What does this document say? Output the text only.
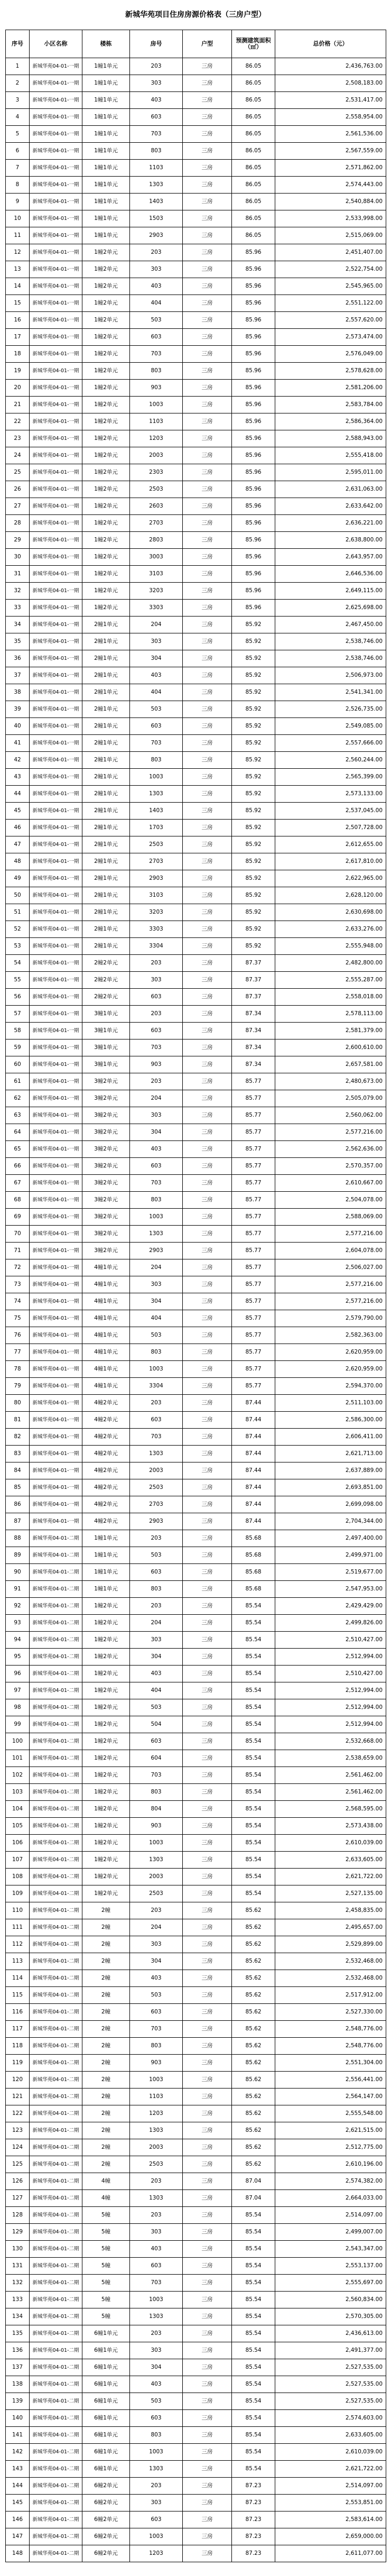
新城华苑项目住房房源价格表（三房户型）
序号	小区名称	楼栋	房号	户型	预测建筑面积（㎡）	总价格（元）
1	新城华苑04-01-一期	1幢1单元	203	三房	86.05	2,436,763.00
2	新城华苑04-01-一期	1幢1单元	303	三房	86.05	2,508,183.00
3	新城华苑04-01-一期	1幢1单元	403	三房	86.05	2,531,417.00
4	新城华苑04-01-一期	1幢1单元	603	三房	86.05	2,558,954.00
5	新城华苑04-01-一期	1幢1单元	703	三房	86.05	2,561,536.00
6	新城华苑04-01-一期	1幢1单元	803	三房	86.05	2,567,559.00
7	新城华苑04-01-一期	1幢1单元	1103	三房	86.05	2,571,862.00
8	新城华苑04-01-一期	1幢1单元	1303	三房	86.05	2,574,443.00
9	新城华苑04-01-一期	1幢1单元	1403	三房	86.05	2,540,884.00
10	新城华苑04-01-一期	1幢1单元	1503	三房	86.05	2,533,998.00
11	新城华苑04-01-一期	1幢1单元	2903	三房	86.05	2,515,069.00
12	新城华苑04-01-一期	1幢2单元	203	三房	85.96	2,451,407.00
13	新城华苑04-01-一期	1幢2单元	303	三房	85.96	2,522,754.00
14	新城华苑04-01-一期	1幢2单元	403	三房	85.96	2,545,965.00
15	新城华苑04-01-一期	1幢2单元	404	三房	85.96	2,551,122.00
16	新城华苑04-01-一期	1幢2单元	503	三房	85.96	2,557,620.00
17	新城华苑04-01-一期	1幢2单元	603	三房	85.96	2,573,474.00
18	新城华苑04-01-一期	1幢2单元	703	三房	85.96	2,576,049.00
19	新城华苑04-01-一期	1幢2单元	803	三房	85.96	2,578,628.00
20	新城华苑04-01-一期	1幢2单元	903	三房	85.96	2,581,206.00
21	新城华苑04-01-一期	1幢2单元	1003	三房	85.96	2,583,784.00
22	新城华苑04-01-一期	1幢2单元	1103	三房	85.96	2,586,364.00
23	新城华苑04-01-一期	1幢2单元	1203	三房	85.96	2,588,943.00
24	新城华苑04-01-一期	1幢2单元	2003	三房	85.96	2,555,418.00
25	新城华苑04-01-一期	1幢2单元	2303	三房	85.96	2,595,011.00
26	新城华苑04-01-一期	1幢2单元	2503	三房	85.96	2,631,063.00
27	新城华苑04-01-一期	1幢2单元	2603	三房	85.96	2,633,642.00
28	新城华苑04-01-一期	1幢2单元	2703	三房	85.96	2,636,221.00
29	新城华苑04-01-一期	1幢2单元	2803	三房	85.96	2,638,800.00
30	新城华苑04-01-一期	1幢2单元	3003	三房	85.96	2,643,957.00
31	新城华苑04-01-一期	1幢2单元	3103	三房	85.96	2,646,536.00
32	新城华苑04-01-一期	1幢2单元	3203	三房	85.96	2,649,115.00
33	新城华苑04-01-一期	1幢2单元	3303	三房	85.96	2,625,698.00
34	新城华苑04-01-一期	2幢1单元	204	三房	85.92	2,467,450.00
35	新城华苑04-01-一期	2幢1单元	303	三房	85.92	2,538,746.00
36	新城华苑04-01-一期	2幢1单元	304	三房	85.92	2,538,746.00
37	新城华苑04-01-一期	2幢1单元	403	三房	85.92	2,506,973.00
38	新城华苑04-01-一期	2幢1单元	404	三房	85.92	2,541,341.00
39	新城华苑04-01-一期	2幢1单元	503	三房	85.92	2,526,735.00
40	新城华苑04-01-一期	2幢1单元	603	三房	85.92	2,549,085.00
41	新城华苑04-01-一期	2幢1单元	703	三房	85.92	2,557,666.00
42	新城华苑04-01-一期	2幢1单元	803	三房	85.92	2,560,244.00
43	新城华苑04-01-一期	2幢1单元	1003	三房	85.92	2,565,399.00
44	新城华苑04-01-一期	2幢1单元	1303	三房	85.92	2,573,133.00
45	新城华苑04-01-一期	2幢1单元	1403	三房	85.92	2,537,045.00
46	新城华苑04-01-一期	2幢1单元	1703	三房	85.92	2,507,728.00
47	新城华苑04-01-一期	2幢1单元	2503	三房	85.92	2,612,655.00
48	新城华苑04-01-一期	2幢1单元	2703	三房	85.92	2,617,810.00
49	新城华苑04-01-一期	2幢1单元	2903	三房	85.92	2,622,965.00
50	新城华苑04-01-一期	2幢1单元	3103	三房	85.92	2,628,120.00
51	新城华苑04-01-一期	2幢1单元	3203	三房	85.92	2,630,698.00
52	新城华苑04-01-一期	2幢1单元	3303	三房	85.92	2,633,276.00
53	新城华苑04-01-一期	2幢1单元	3304	三房	85.92	2,555,948.00
54	新城华苑04-01-一期	2幢2单元	203	三房	87.37	2,482,800.00
55	新城华苑04-01-一期	2幢2单元	303	三房	87.37	2,555,287.00
56	新城华苑04-01-一期	2幢2单元	603	三房	87.37	2,558,018.00
57	新城华苑04-01-一期	3幢1单元	203	三房	87.34	2,578,113.00
58	新城华苑04-01-一期	3幢1单元	603	三房	87.34	2,581,379.00
59	新城华苑04-01-一期	3幢1单元	703	三房	87.34	2,600,610.00
60	新城华苑04-01-一期	3幢1单元	903	三房	87.34	2,657,581.00
61	新城华苑04-01-一期	3幢2单元	203	三房	85.77	2,480,673.00
62	新城华苑04-01-一期	3幢2单元	204	三房	85.77	2,505,079.00
63	新城华苑04-01-一期	3幢2单元	303	三房	85.77	2,560,062.00
64	新城华苑04-01-一期	3幢2单元	304	三房	85.77	2,577,216.00
65	新城华苑04-01-一期	3幢2单元	403	三房	85.77	2,562,636.00
66	新城华苑04-01-一期	3幢2单元	603	三房	85.77	2,570,357.00
67	新城华苑04-01-一期	3幢2单元	703	三房	85.77	2,610,667.00
68	新城华苑04-01-一期	3幢2单元	803	三房	85.77	2,504,078.00
69	新城华苑04-01-一期	3幢2单元	1003	三房	85.77	2,588,069.00
70	新城华苑04-01-一期	3幢2单元	1303	三房	85.77	2,577,216.00
71	新城华苑04-01-一期	3幢2单元	2903	三房	85.77	2,604,078.00
72	新城华苑04-01-一期	4幢1单元	204	三房	85.77	2,506,027.00
73	新城华苑04-01-一期	4幢1单元	303	三房	85.77	2,577,216.00
74	新城华苑04-01-一期	4幢1单元	304	三房	85.77	2,577,216.00
75	新城华苑04-01-一期	4幢1单元	404	三房	85.77	2,579,790.00
76	新城华苑04-01-一期	4幢1单元	503	三房	85.77	2,582,363.00
77	新城华苑04-01-一期	4幢1单元	803	三房	85.77	2,620,959.00
78	新城华苑04-01-一期	4幢1单元	1003	三房	85.77	2,620,959.00
79	新城华苑04-01-一期	4幢1单元	3304	三房	85.77	2,594,370.00
80	新城华苑04-01-一期	4幢2单元	203	三房	87.44	2,511,103.00
81	新城华苑04-01-一期	4幢2单元	603	三房	87.44	2,586,300.00
82	新城华苑04-01-一期	4幢2单元	703	三房	87.44	2,606,411.00
83	新城华苑04-01-一期	4幢2单元	1303	三房	87.44	2,621,713.00
84	新城华苑04-01-一期	4幢2单元	2003	三房	87.44	2,637,889.00
85	新城华苑04-01-一期	4幢2单元	2503	三房	87.44	2,693,851.00
86	新城华苑04-01-一期	4幢2单元	2703	三房	87.44	2,699,098.00
87	新城华苑04-01-一期	4幢2单元	2903	三房	87.44	2,704,344.00
88	新城华苑04-01-二期	1幢1单元	203	三房	85.68	2,497,400.00
89	新城华苑04-01-二期	1幢1单元	503	三房	85.68	2,499,971.00
90	新城华苑04-01-二期	1幢1单元	603	三房	85.68	2,519,677.00
91	新城华苑04-01-二期	1幢1单元	803	三房	85.68	2,547,953.00
92	新城华苑04-01-二期	1幢2单元	203	三房	85.54	2,429,429.00
93	新城华苑04-01-二期	1幢2单元	204	三房	85.54	2,499,826.00
94	新城华苑04-01-二期	1幢2单元	303	三房	85.54	2,510,427.00
95	新城华苑04-01-二期	1幢2单元	304	三房	85.54	2,512,994.00
96	新城华苑04-01-二期	1幢2单元	403	三房	85.54	2,510,427.00
97	新城华苑04-01-二期	1幢2单元	404	三房	85.54	2,512,994.00
98	新城华苑04-01-二期	1幢2单元	503	三房	85.54	2,512,994.00
99	新城华苑04-01-二期	1幢2单元	504	三房	85.54	2,512,994.00
100	新城华苑04-01-二期	1幢2单元	603	三房	85.54	2,532,668.00
101	新城华苑04-01-二期	1幢2单元	604	三房	85.54	2,538,659.00
102	新城华苑04-01-二期	1幢2单元	703	三房	85.54	2,561,462.00
103	新城华苑04-01-二期	1幢2单元	803	三房	85.54	2,561,462.00
104	新城华苑04-01-二期	1幢2单元	804	三房	85.54	2,568,595.00
105	新城华苑04-01-二期	1幢2单元	903	三房	85.54	2,573,438.00
106	新城华苑04-01-二期	1幢2单元	1003	三房	85.54	2,610,039.00
107	新城华苑04-01-二期	1幢2单元	1303	三房	85.54	2,633,605.00
108	新城华苑04-01-二期	1幢2单元	2003	三房	85.54	2,621,722.00
109	新城华苑04-01-二期	1幢2单元	2503	三房	85.54	2,527,135.00
110	新城华苑04-01-二期	2幢	203	三房	85.62	2,458,835.00
111	新城华苑04-01-二期	2幢	204	三房	85.62	2,495,657.00
112	新城华苑04-01-二期	2幢	303	三房	85.62	2,529,899.00
113	新城华苑04-01-二期	2幢	304	三房	85.62	2,532,468.00
114	新城华苑04-01-二期	2幢	403	三房	85.62	2,532,468.00
115	新城华苑04-01-二期	2幢	503	三房	85.62	2,517,912.00
116	新城华苑04-01-二期	2幢	603	三房	85.62	2,527,330.00
117	新城华苑04-01-二期	2幢	703	三房	85.62	2,548,776.00
118	新城华苑04-01-二期	2幢	803	三房	85.62	2,548,776.00
119	新城华苑04-01-二期	2幢	903	三房	85.62	2,551,304.00
120	新城华苑04-01-二期	2幢	1003	三房	85.62	2,556,441.00
121	新城华苑04-01-二期	2幢	1103	三房	85.62	2,564,147.00
122	新城华苑04-01-二期	2幢	1203	三房	85.62	2,555,548.00
123	新城华苑04-01-二期	2幢	1303	三房	85.62	2,621,515.00
124	新城华苑04-01-二期	2幢	2003	三房	85.62	2,512,775.00
125	新城华苑04-01-二期	2幢	2503	三房	85.62	2,610,196.00
126	新城华苑04-01-二期	4幢	203	三房	87.04	2,574,382.00
127	新城华苑04-01-二期	4幢	1303	三房	87.04	2,664,033.00
128	新城华苑04-01-二期	5幢	203	三房	85.54	2,514,097.00
129	新城华苑04-01-二期	5幢	303	三房	85.54	2,499,007.00
130	新城华苑04-01-二期	5幢	403	三房	85.54	2,543,347.00
131	新城华苑04-01-二期	5幢	603	三房	85.54	2,553,137.00
132	新城华苑04-01-二期	5幢	703	三房	85.54	2,555,697.00
133	新城华苑04-01-二期	5幢	1003	三房	85.54	2,560,834.00
134	新城华苑04-01-二期	5幢	1303	三房	85.54	2,570,305.00
135	新城华苑04-01-二期	6幢1单元	203	三房	85.54	2,436,613.00
136	新城华苑04-01-二期	6幢1单元	303	三房	85.54	2,491,377.00
137	新城华苑04-01-二期	6幢1单元	304	三房	85.54	2,527,535.00
138	新城华苑04-01-二期	6幢1单元	403	三房	85.54	2,527,535.00
139	新城华苑04-01-二期	6幢1单元	503	三房	85.54	2,527,535.00
140	新城华苑04-01-二期	6幢1单元	603	三房	85.54	2,574,603.00
141	新城华苑04-01-二期	6幢1单元	803	三房	85.54	2,633,605.00
142	新城华苑04-01-二期	6幢1单元	1003	三房	85.54	2,610,039.00
143	新城华苑04-01-二期	6幢1单元	1303	三房	85.54	2,621,722.00
144	新城华苑04-01-二期	6幢2单元	203	三房	87.23	2,514,097.00
145	新城华苑04-01-二期	6幢2单元	303	三房	87.23	2,553,851.00
146	新城华苑04-01-二期	6幢2单元	603	三房	87.23	2,583,614.00
147	新城华苑04-01-二期	6幢2单元	1003	三房	87.23	2,659,000.00
148	新城华苑04-01-二期	6幢2单元	1203	三房	87.23	2,611,077.00
